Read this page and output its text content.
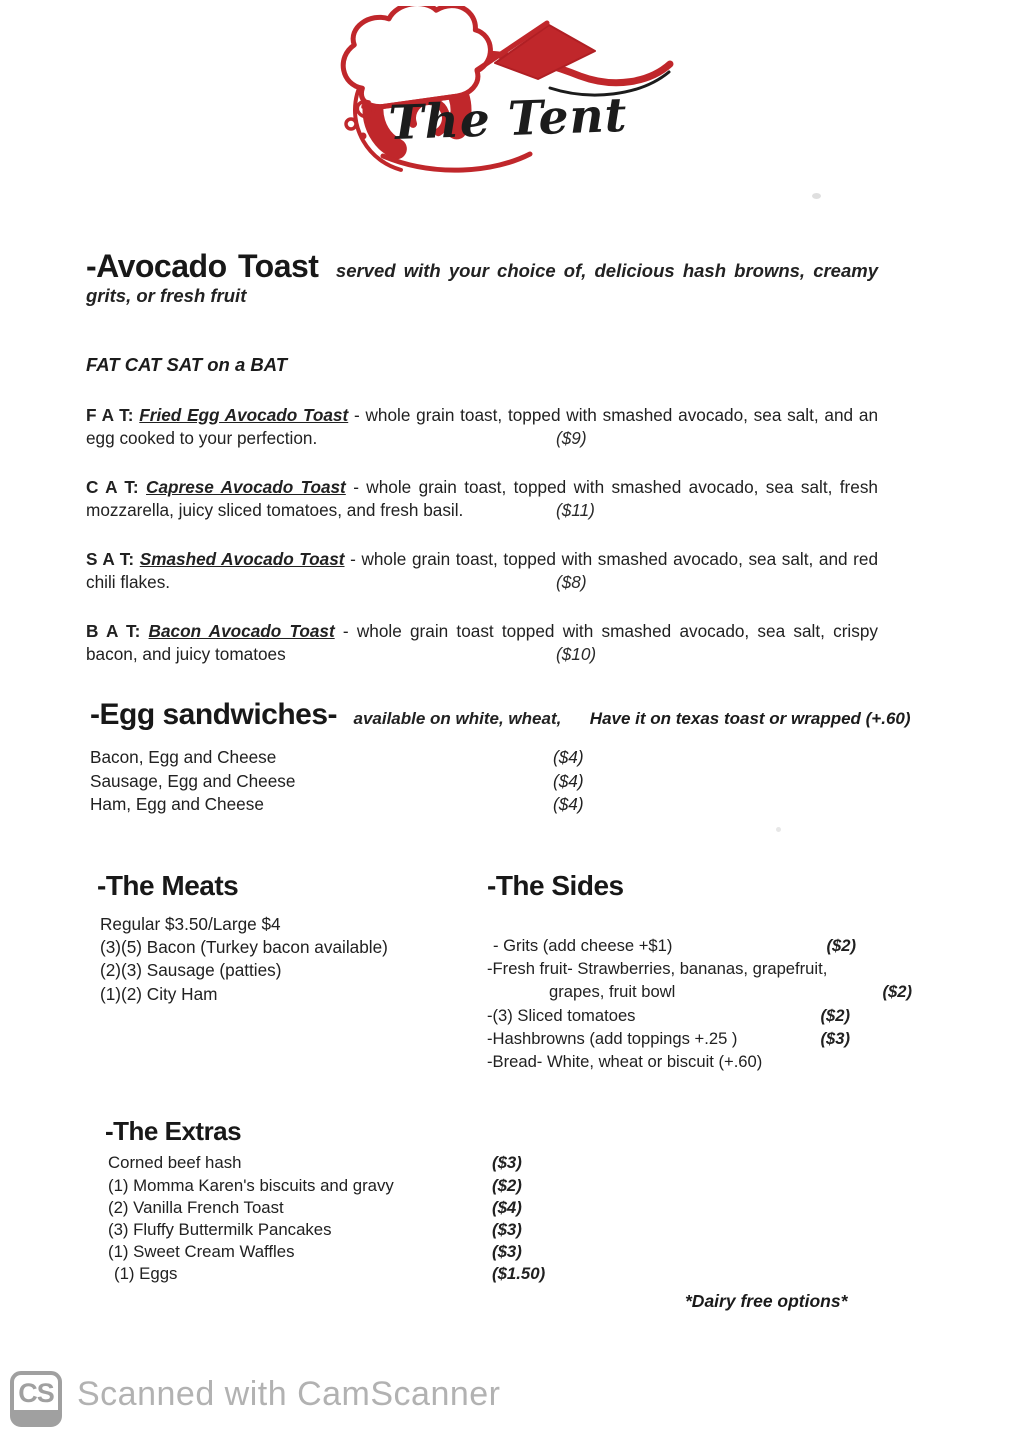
The Tent
-Avocado Toast served with your choice of, delicious hash browns, creamy grits, or fresh fruit
FAT CAT SAT on a BAT
F A T: Fried Egg Avocado Toast - whole grain toast, topped with smashed avocado, sea salt, and an egg cooked to your perfection.	($9)
C A T: Caprese Avocado Toast - whole grain toast, topped with smashed avocado, sea salt, fresh mozzarella, juicy sliced tomatoes, and fresh basil.	($11)
S A T: Smashed Avocado Toast - whole grain toast, topped with smashed avocado, sea salt, and red chili flakes.	($8)
B A T: Bacon Avocado Toast - whole grain toast topped with smashed avocado, sea salt, crispy bacon, and juicy tomatoes	($10)
-Egg sandwiches- available on white, wheat, Have it on texas toast or wrapped (+.60)
Bacon, Egg and Cheese	($4)
Sausage, Egg and Cheese	($4)
Ham, Egg and Cheese	($4)
-The Meats
Regular $3.50/Large $4
(3)(5) Bacon (Turkey bacon available)
(2)(3) Sausage (patties)
(1)(2) City Ham
-The Sides
- Grits (add cheese +$1)	($2)
-Fresh fruit- Strawberries, bananas, grapefruit,
grapes, fruit bowl	($2)
-(3) Sliced tomatoes	($2)
-Hashbrowns (add toppings +.25 )	($3)
-Bread- White, wheat or biscuit (+.60)
-The Extras
Corned beef hash	($3)
(1) Momma Karen's biscuits and gravy	($2)
(2) Vanilla French Toast	($4)
(3) Fluffy Buttermilk Pancakes	($3)
(1) Sweet Cream Waffles	($3)
(1) Eggs	($1.50)
*Dairy free options*
CS Scanned with CamScanner
